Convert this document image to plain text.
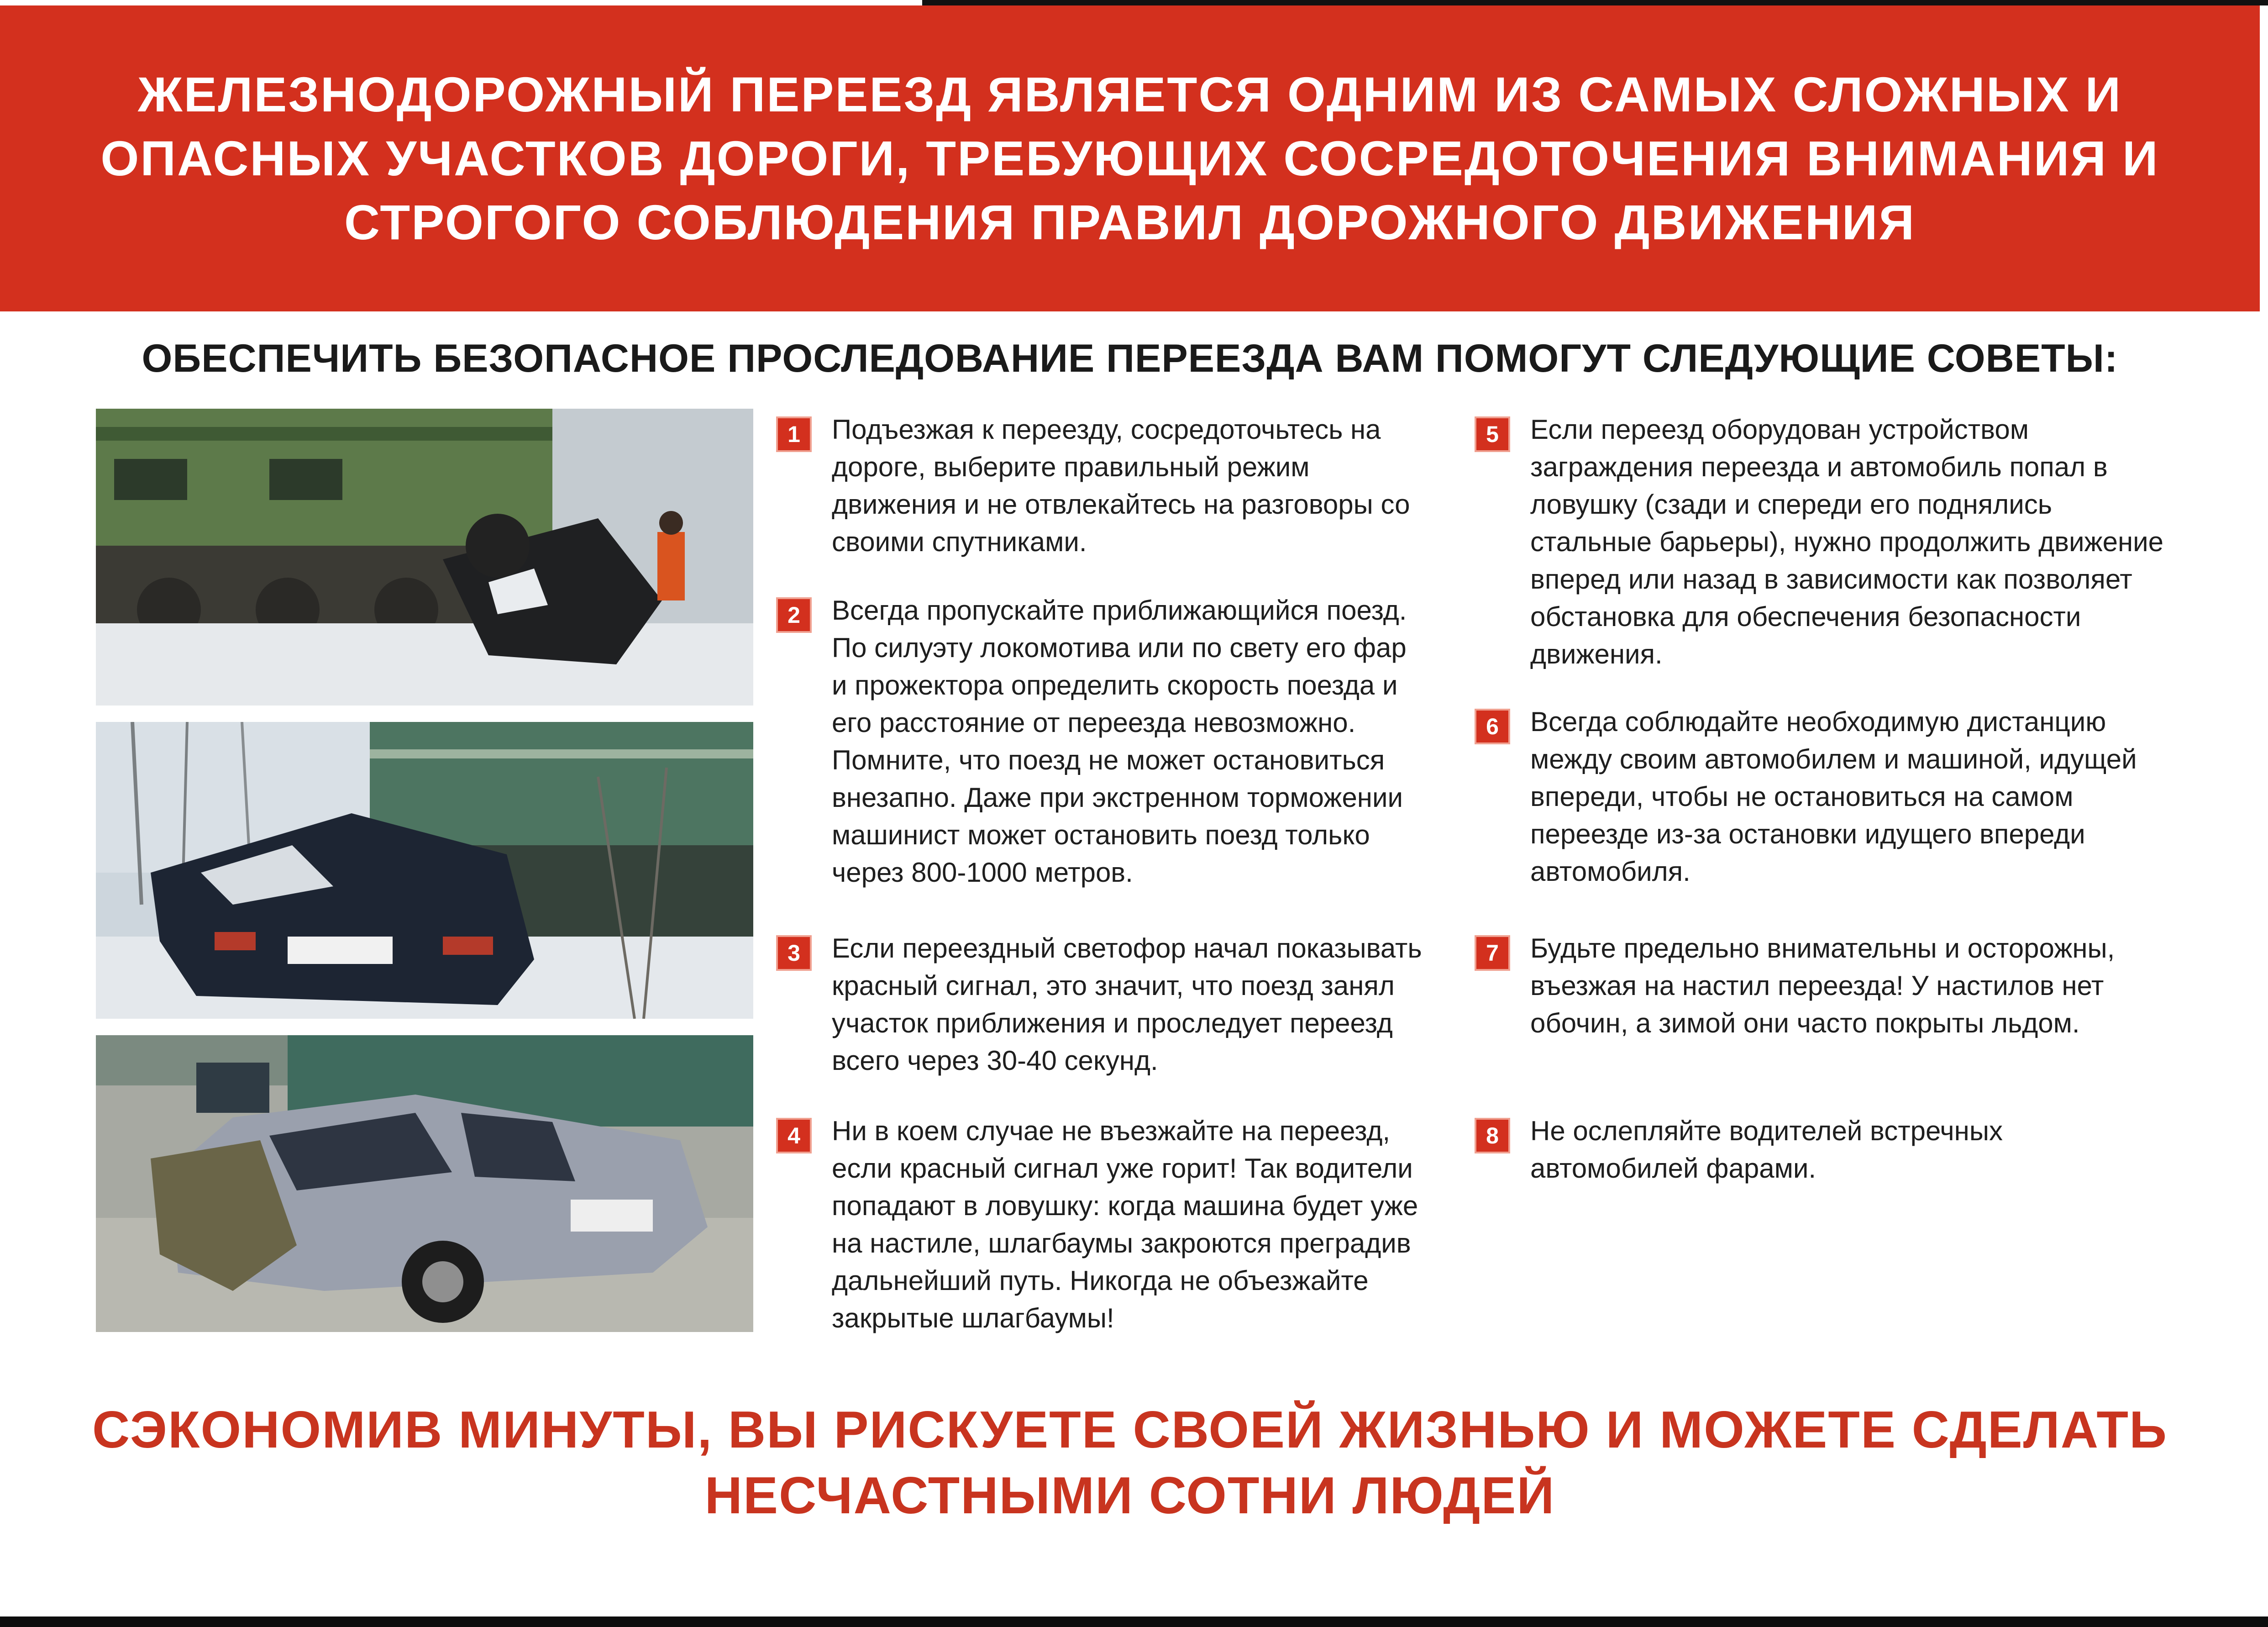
ЖЕЛЕЗНОДОРОЖНЫЙ ПЕРЕЕЗД ЯВЛЯЕТСЯ ОДНИМ ИЗ САМЫХ СЛОЖНЫХ И ОПАСНЫХ УЧАСТКОВ ДОРОГИ, ТРЕБУЮЩИХ СОСРЕДОТОЧЕНИЯ ВНИМАНИЯ И СТРОГОГО СОБЛЮДЕНИЯ ПРАВИЛ ДОРОЖНОГО ДВИЖЕНИЯ

ОБЕСПЕЧИТЬ БЕЗОПАСНОЕ ПРОСЛЕДОВАНИЕ ПЕРЕЕЗДА ВАМ ПОМОГУТ СЛЕДУЮЩИЕ СОВЕТЫ:
1	Подъезжая к переезду, сосредоточьтесь на дороге, выберите правильный режим движения и не отвлекайтесь на разговоры со своими спутниками.

2	Всегда пропускайте приближающийся поезд. По силуэту локомотива или по свету его фар и прожектора определить скорость поезда и его расстояние от переезда невозможно. Помните, что поезд не может остановиться внезапно. Даже при экстренном торможении машинист может остановить поезд только через 800-1000 метров.

3	Если переездный светофор начал показывать красный сигнал, это значит, что поезд занял участок приближения и проследует переезд всего через 30-40 секунд.

4	Ни в коем случае не въезжайте на переезд, если красный сигнал уже горит! Так водители попадают в ловушку: когда машина будет уже на настиле, шлагбаумы закроются преградив дальнейший путь. Никогда не объезжайте закрытые шлагбаумы!

5	Если переезд оборудован устройством заграждения переезда и автомобиль попал в ловушку (сзади и спереди его поднялись стальные барьеры), нужно продолжить движение вперед или назад в зависимости как позволяет обстановка для обеспечения безопасности движения.

6	Всегда соблюдайте необходимую дистанцию между своим автомобилем и машиной, идущей впереди, чтобы не остановиться на самом переезде из-за остановки идущего впереди автомобиля.

7	Будьте предельно внимательны и осторожны, въезжая на настил переезда! У настилов нет обочин, а зимой они часто покрыты льдом.

8	Не ослепляйте водителей встречных автомобилей фарами.

СЭКОНОМИВ МИНУТЫ, ВЫ РИСКУЕТЕ СВОЕЙ ЖИЗНЬЮ И МОЖЕТЕ СДЕЛАТЬ НЕСЧАСТНЫМИ СОТНИ ЛЮДЕЙ
